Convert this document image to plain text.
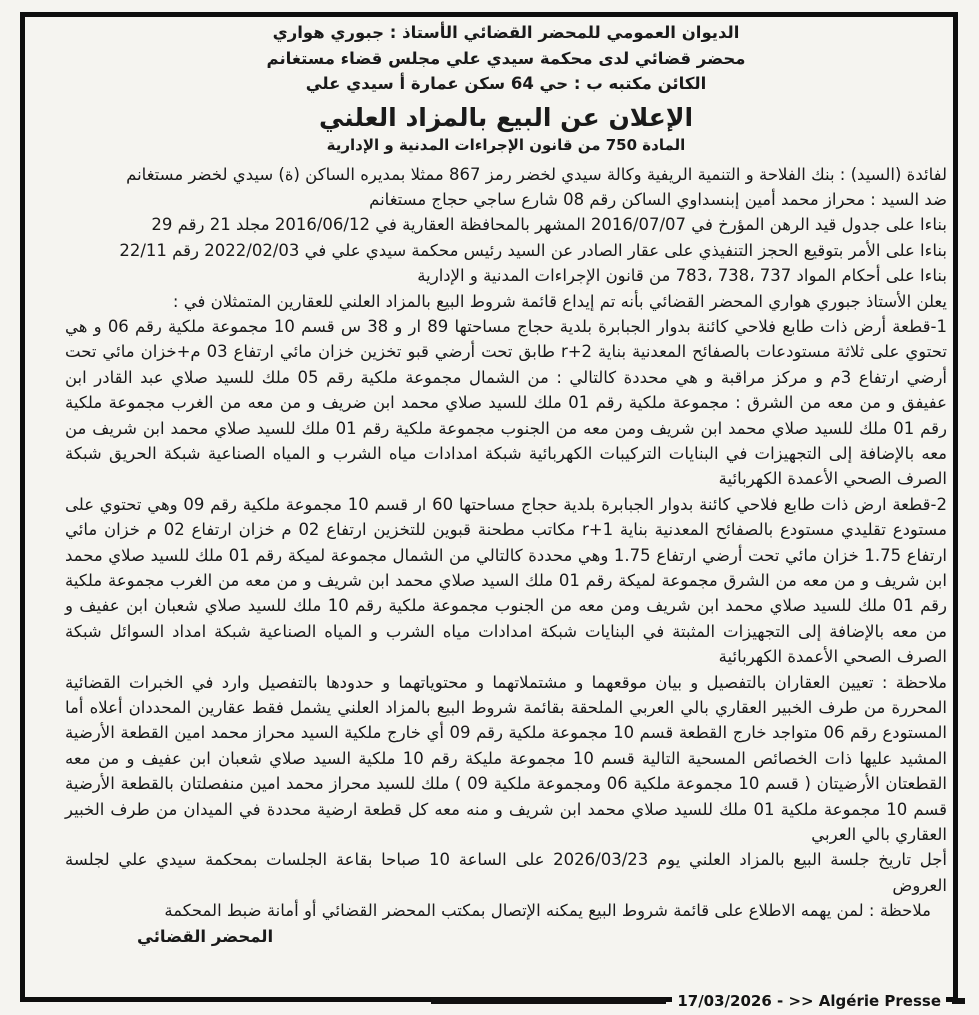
الديوان العمومي للمحضر القضائي الأستاذ : جبوري هواري
محضر قضائي لدى محكمة سيدي علي مجلس قضاء مستغانم
الكائن مكتبه ب : حي 64 سكن عمارة أ سيدي علي
الإعلان عن البيع بالمزاد العلني
المادة 750 من قانون الإجراءات المدنية و الإدارية

لفائدة (السيد) : بنك الفلاحة و التنمية الريفية وكالة سيدي لخضر رمز 867 ممثلا بمديره الساكن (ة) سيدي لخضر مستغانم

ضد السيد : محراز محمد أمين إبنسداوي الساكن رقم 08 شارع ساجي حجاج مستغانم

بناءا على جدول قيد الرهن المؤرخ في 2016/07/07 المشهر بالمحافظة العقارية في 2016/06/12 مجلد 21 رقم 29

بناءا على الأمر بتوقيع الحجز التنفيذي على عقار الصادر عن السيد رئيس محكمة سيدي علي في 2022/02/03 رقم 22/11

بناءا على أحكام المواد 737 ،738 ،783 من قانون الإجراءات المدنية و الإدارية

يعلن الأستاذ جبوري هواري المحضر القضائي بأنه تم إيداع قائمة شروط البيع بالمزاد العلني للعقارين المتمثلان في :

1-قطعة أرض ذات طابع فلاحي كائنة بدوار الجبابرة بلدية حجاج مساحتها 89 ار و 38 س قسم 10 مجموعة ملكية رقم 06 و هي تحتوي على ثلاثة مستودعات بالصفائح المعدنية بناية r+2 طابق تحت أرضي قبو تخزين خزان مائي ارتفاع 03 م+خزان مائي تحت أرضي ارتفاع 3م و مركز مراقبة و هي محددة كالتالي : من الشمال مجموعة ملكية رقم 05 ملك للسيد صلاي عبد القادر ابن عفيفق و من معه من الشرق : مجموعة ملكية رقم 01 ملك للسيد صلاي محمد ابن ضريف و من معه من الغرب مجموعة ملكية رقم 01 ملك للسيد صلاي محمد ابن شريف ومن معه من الجنوب مجموعة ملكية رقم 01 ملك للسيد صلاي محمد ابن شريف من معه بالإضافة إلى التجهيزات في البنايات التركيبات الكهربائية شبكة امدادات مياه الشرب و المياه الصناعية شبكة الحريق شبكة الصرف الصحي الأعمدة الكهربائية

2-قطعة ارض ذات طابع فلاحي كائنة بدوار الجبابرة بلدية حجاج مساحتها 60 ار قسم 10 مجموعة ملكية رقم 09 وهي تحتوي على مستودع تقليدي مستودع بالصفائح المعدنية بناية r+1 مكاتب مطحنة قبوين للتخزين ارتفاع 02 م خزان ارتفاع 02 م خزان مائي ارتفاع 1.75 خزان مائي تحت أرضي ارتفاع 1.75 وهي محددة كالتالي من الشمال مجموعة لميكة رقم 01 ملك للسيد صلاي محمد ابن شريف و من معه من الشرق مجموعة لميكة رقم 01 ملك السيد صلاي محمد ابن شريف و من معه من الغرب مجموعة ملكية رقم 01 ملك للسيد صلاي محمد ابن شريف ومن معه من الجنوب مجموعة ملكية رقم 10 ملك للسيد صلاي شعبان ابن عفيف و من معه بالإضافة إلى التجهيزات المثبتة في البنايات شبكة امدادات مياه الشرب و المياه الصناعية شبكة امداد السوائل شبكة الصرف الصحي الأعمدة الكهربائية

ملاحظة : تعيين العقاران بالتفصيل و بيان موقعهما و مشتملاتهما و محتوياتهما و حدودها بالتفصيل وارد في الخبرات القضائية المحررة من طرف الخبير العقاري بالي العربي الملحقة بقائمة شروط البيع بالمزاد العلني يشمل فقط عقارين المحددان أعلاه أما المستودع رقم 06 متواجد خارج القطعة قسم 10 مجموعة ملكية رقم 09 أي خارج ملكية السيد محراز محمد امين القطعة الأرضية المشيد عليها ذات الخصائص المسحية التالية قسم 10 مجموعة مليكة رقم 10 ملكية السيد صلاي شعبان ابن عفيف و من معه القطعتان الأرضيتان ( قسم 10 مجموعة ملكية 06 ومجموعة ملكية 09 ) ملك للسيد محراز محمد امين منفصلتان بالقطعة الأرضية قسم 10 مجموعة ملكية 01 ملك للسيد صلاي محمد ابن شريف و منه معه كل قطعة ارضية محددة في الميدان من طرف الخبير العقاري بالي العربي

أجل تاريخ جلسة البيع بالمزاد العلني يوم 2026/03/23 على الساعة 10 صباحا بقاعة الجلسات بمحكمة سيدي علي لجلسة العروض

ملاحظة : لمن يهمه الاطلاع على قائمة شروط البيع يمكنه الإتصال بمكتب المحضر القضائي أو أمانة ضبط المحكمة

المحضر القضائي
17/03/2026 - >> Algérie Presse
